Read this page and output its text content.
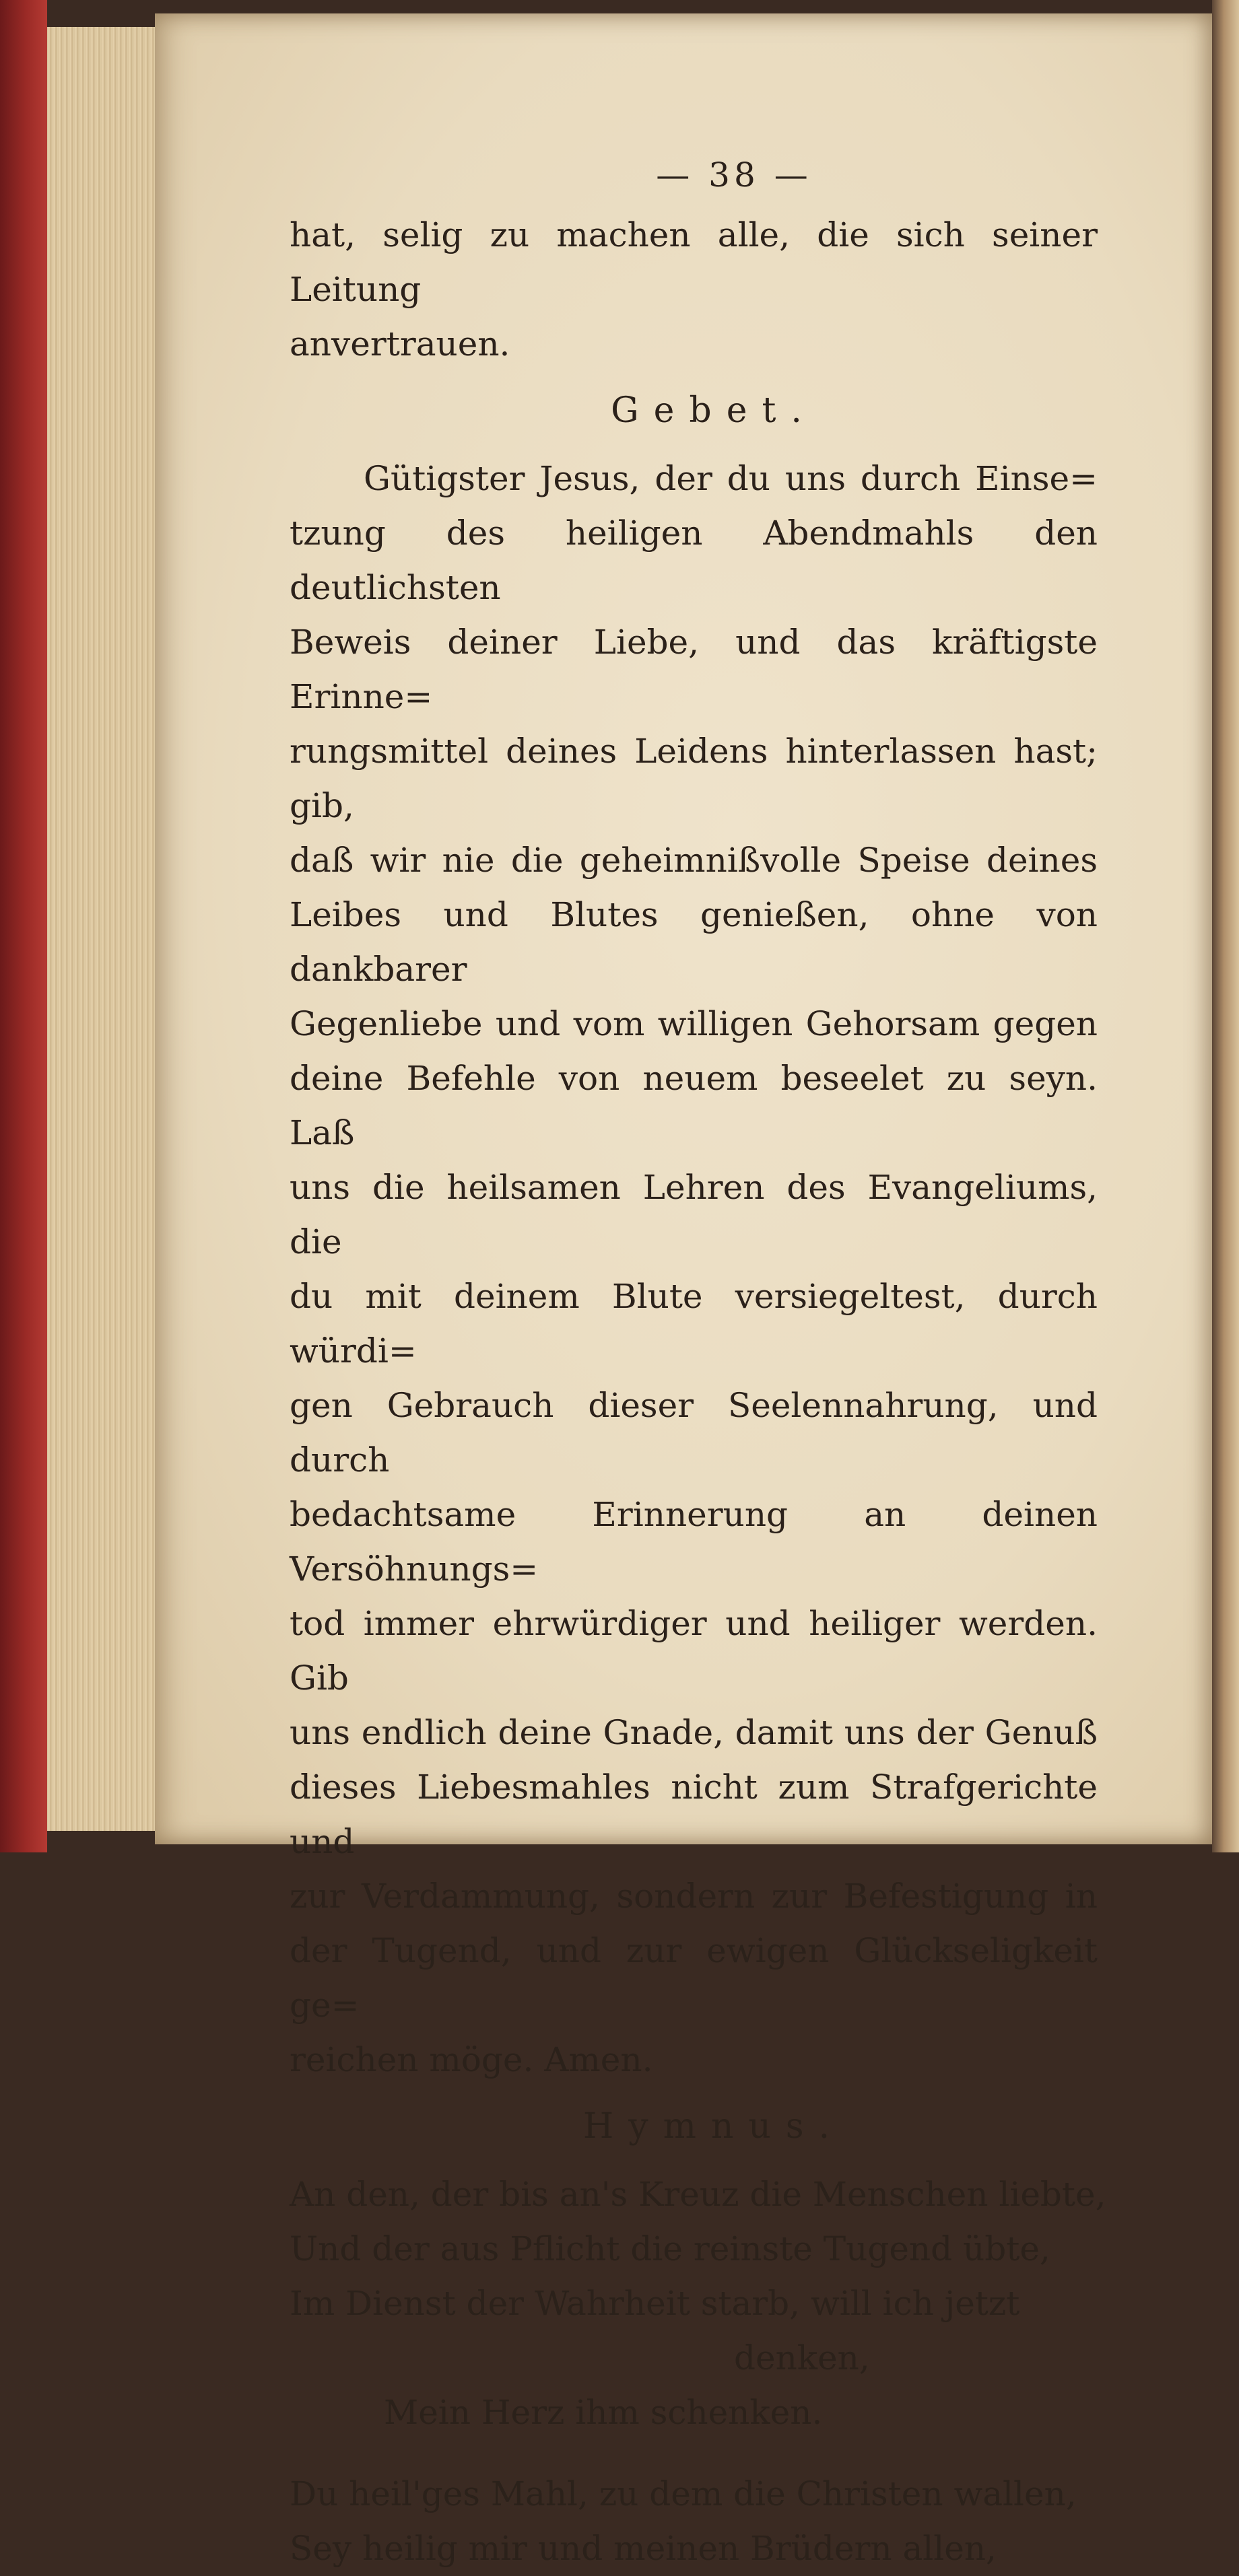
— 38 —
hat, selig zu machen alle, die sich seiner Leitung
anvertrauen.
Gebet.
Gütigster Jesus, der du uns durch Einse=
tzung des heiligen Abendmahls den deutlichsten
Beweis deiner Liebe, und das kräftigste Erinne=
rungsmittel deines Leidens hinterlassen hast; gib,
daß wir nie die geheimnißvolle Speise deines
Leibes und Blutes genießen, ohne von dankbarer
Gegenliebe und vom willigen Gehorsam gegen
deine Befehle von neuem beseelet zu seyn. Laß
uns die heilsamen Lehren des Evangeliums, die
du mit deinem Blute versiegeltest, durch würdi=
gen Gebrauch dieser Seelennahrung, und durch
bedachtsame Erinnerung an deinen Versöhnungs=
tod immer ehrwürdiger und heiliger werden. Gib
uns endlich deine Gnade, damit uns der Genuß
dieses Liebesmahles nicht zum Strafgerichte und
zur Verdammung, sondern zur Befestigung in
der Tugend, und zur ewigen Glückseligkeit ge=
reichen möge. Amen.
Hymnus.
An den, der bis an's Kreuz die Menschen liebte,
Und der aus Pflicht die reinste Tugend übte,
Im Dienst der Wahrheit starb, will ich jetzt
denken,
Mein Herz ihm schenken.
Du heil'ges Mahl, zu dem die Christen wallen,
Sey heilig mir und meinen Brüdern allen,
